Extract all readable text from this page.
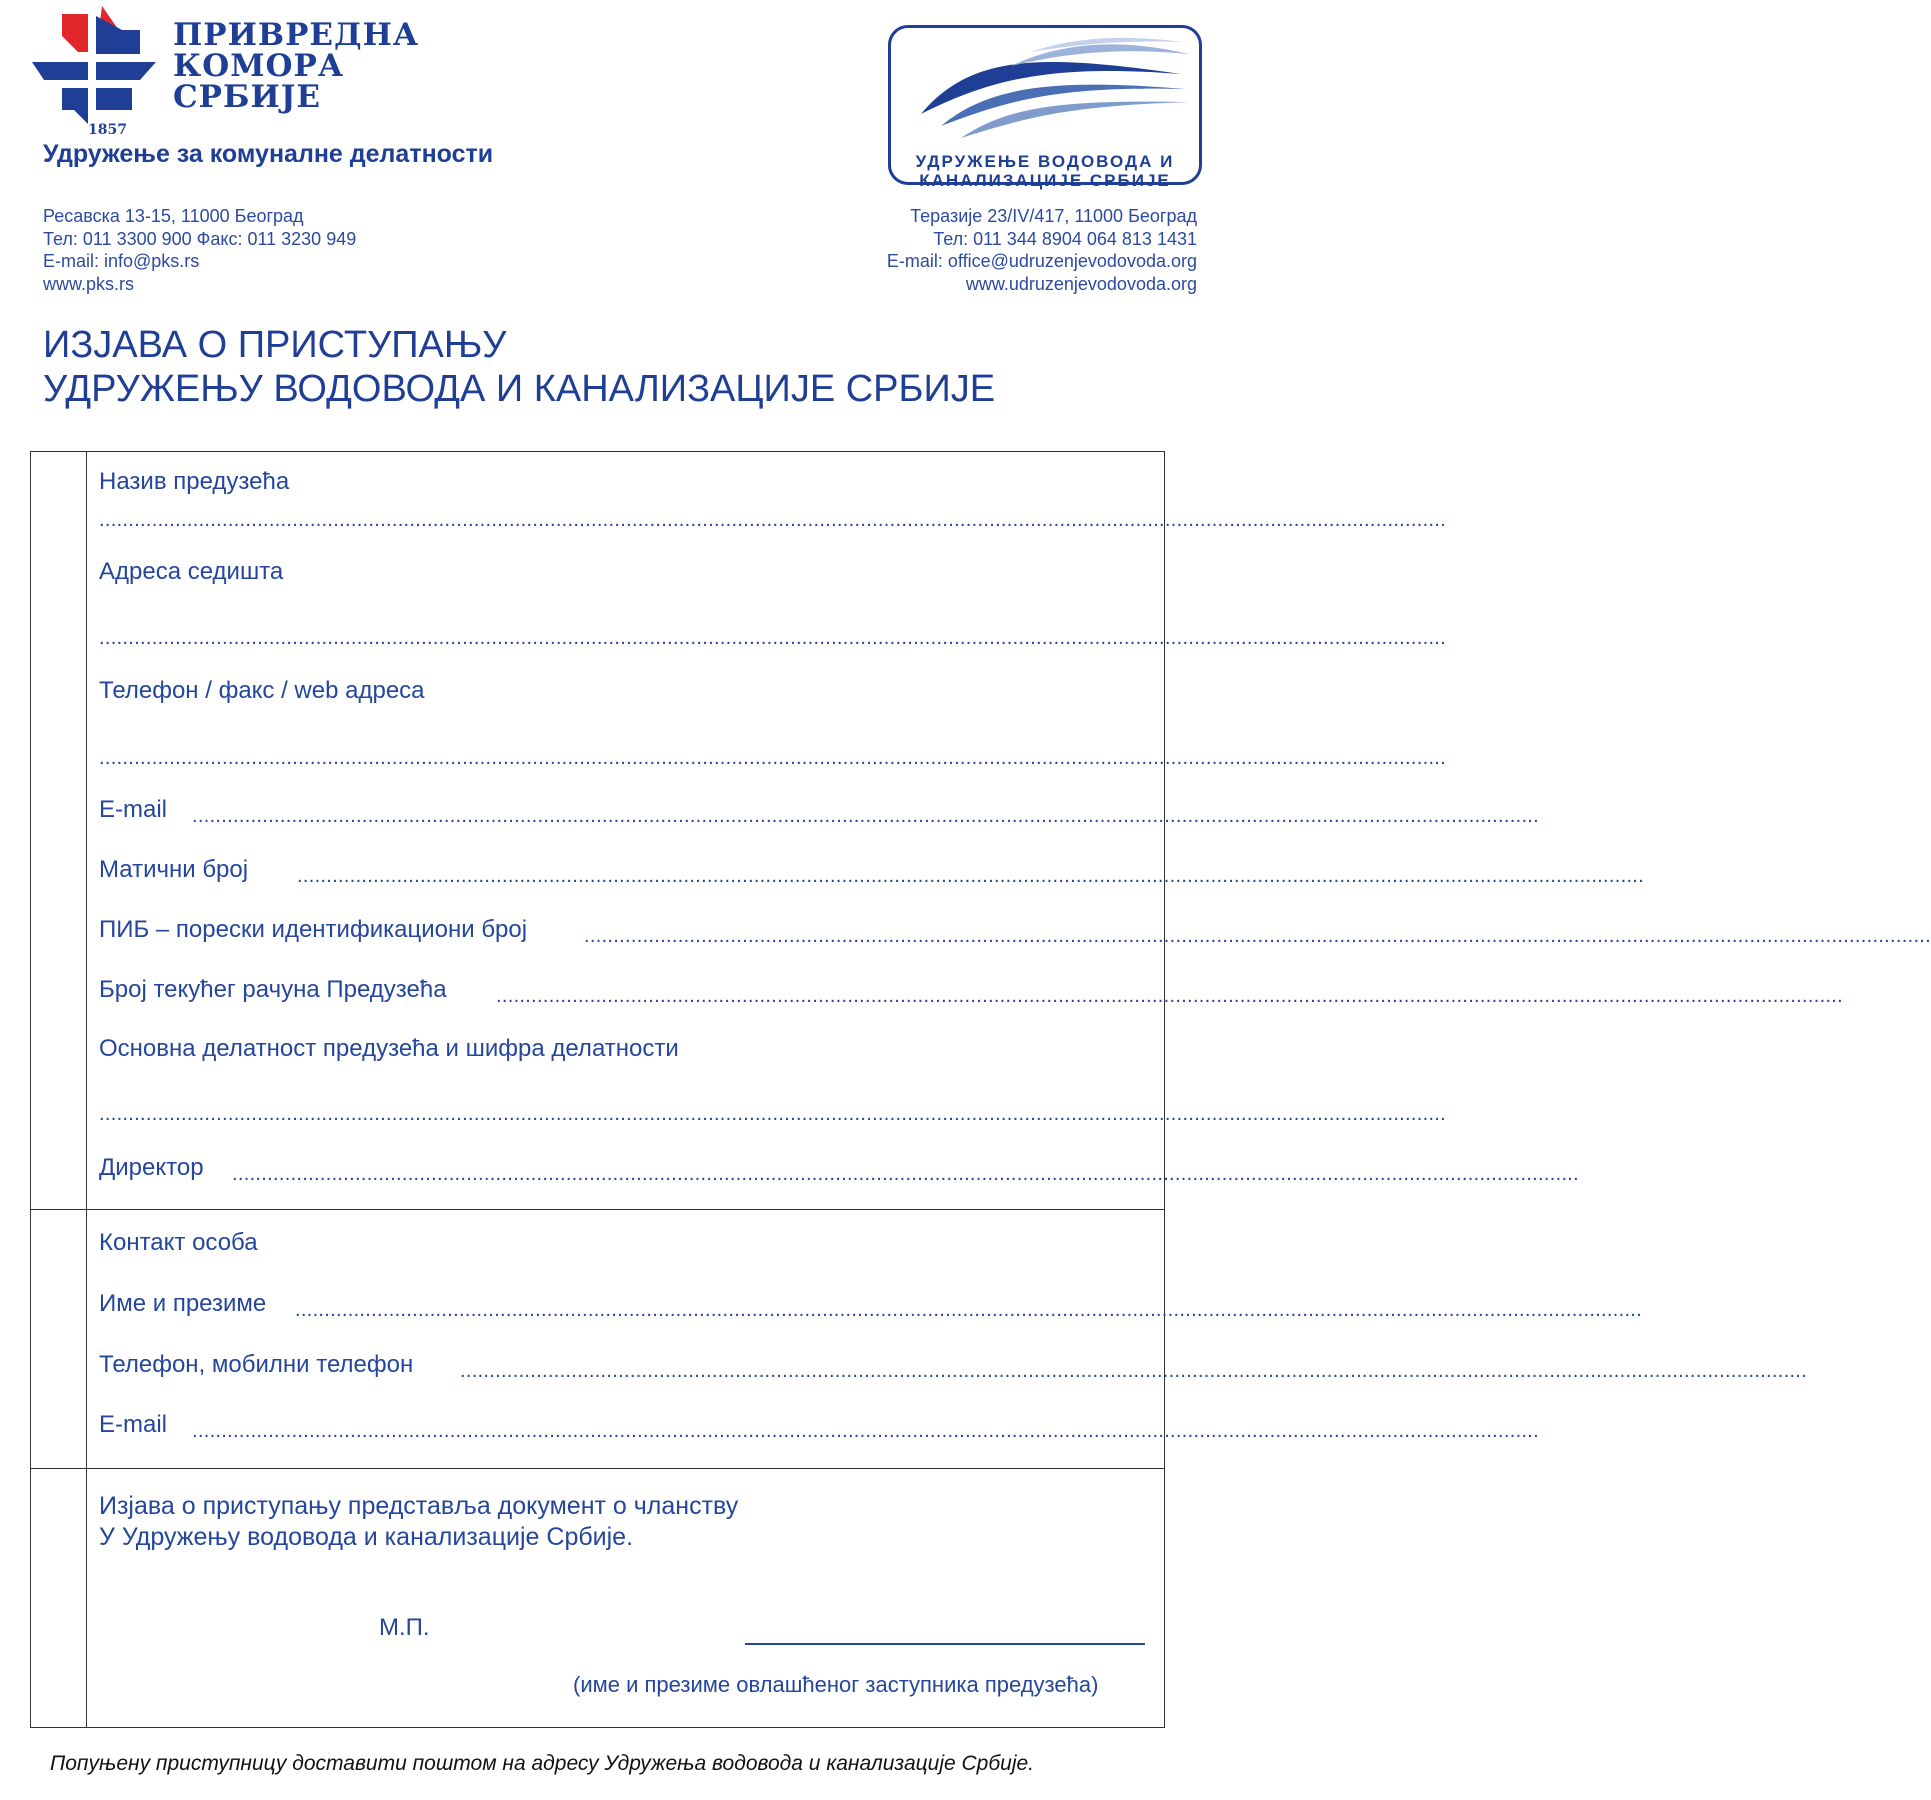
1857
ПРИВРЕДНА
КОМОРА
СРБИЈЕ
Удружење за комуналне делатности
Ресавска 13-15, 11000 Београд
Тел: 011 3300 900 Факс: 011 3230 949
E-mail: info@pks.rs
www.pks.rs
УДРУЖЕЊЕ ВОДОВОДА И
КАНАЛИЗАЦИЈЕ СРБИЈЕ
Теразије 23/IV/417, 11000 Београд
Тел: 011 344 8904 064 813 1431
E-mail: office@udruzenjevodovoda.org
www.udruzenjevodovoda.org
ИЗЈАВА О ПРИСТУПАЊУ
УДРУЖЕЊУ ВОДОВОДА И КАНАЛИЗАЦИЈЕ СРБИЈЕ
Назив предузећа
......................................................................................................................................................................................................................................
Адреса седишта
......................................................................................................................................................................................................................................
Телефон / факс / web адреса
......................................................................................................................................................................................................................................
E-mail ......................................................................................................................................................................................................................................
Матични број ......................................................................................................................................................................................................................................
ПИБ – порески идентификациони број	......................................................................................................................................................................................................................................
Број текућег рачуна Предузећа ......................................................................................................................................................................................................................................
Основна делатност предузећа и шифра делатности
......................................................................................................................................................................................................................................
Директор ......................................................................................................................................................................................................................................
Контакт особа
Име и презиме ......................................................................................................................................................................................................................................
Телефон, мобилни телефон ......................................................................................................................................................................................................................................
E-mail ......................................................................................................................................................................................................................................
Изјава о приступању представља документ о чланству
У Удружењу водовода и канализације Србије.
М.П.
(име и презиме овлашћеног заступника предузећа)
Попуњену приступницу доставити поштом на адресу Удружења водовода и канализације Србије.
